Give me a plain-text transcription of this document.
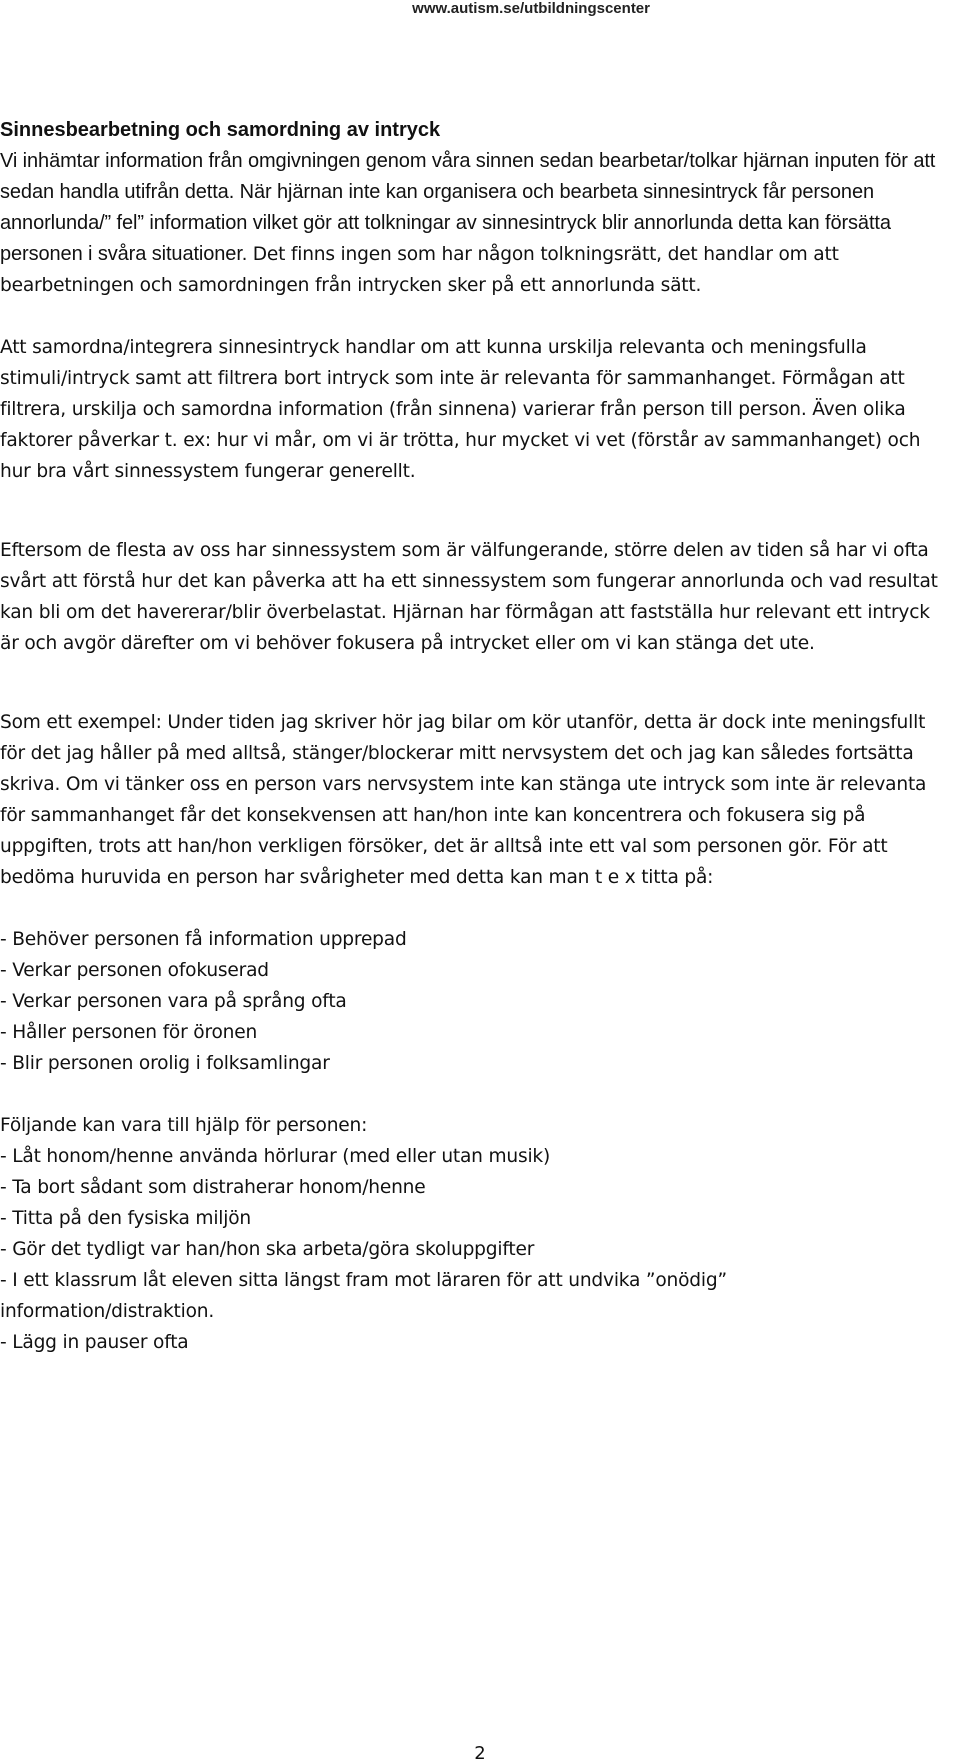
www.autism.se/utbildningscenter

Sinnesbearbetning och samordning av intryck

Vi inhämtar information från omgivningen genom våra sinnen sedan bearbetar/tolkar hjärnan inputen för att sedan handla utifrån detta. När hjärnan inte kan organisera och bearbeta sinnesintryck får personen annorlunda/” fel” information vilket gör att tolkningar av sinnesintryck blir annorlunda detta kan försätta personen i svåra situationer. Det finns ingen som har någon tolkningsrätt, det handlar om att bearbetningen och samordningen från intrycken sker på ett annorlunda sätt.

Att samordna/integrera sinnesintryck handlar om att kunna urskilja relevanta och meningsfulla stimuli/intryck samt att filtrera bort intryck som inte är relevanta för sammanhanget. Förmågan att filtrera, urskilja och samordna information (från sinnena) varierar från person till person. Även olika faktorer påverkar t. ex: hur vi mår, om vi är trötta, hur mycket vi vet (förstår av sammanhanget) och hur bra vårt sinnessystem fungerar generellt.

Eftersom de flesta av oss har sinnessystem som är välfungerande, större delen av tiden så har vi ofta svårt att förstå hur det kan påverka att ha ett sinnessystem som fungerar annorlunda och vad resultat kan bli om det havererar/blir överbelastat. Hjärnan har förmågan att fastställa hur relevant ett intryck är och avgör därefter om vi behöver fokusera på intrycket eller om vi kan stänga det ute.

Som ett exempel: Under tiden jag skriver hör jag bilar om kör utanför, detta är dock inte meningsfullt för det jag håller på med alltså, stänger/blockerar mitt nervsystem det och jag kan således fortsätta skriva. Om vi tänker oss en person vars nervsystem inte kan stänga ute intryck som inte är relevanta för sammanhanget får det konsekvensen att han/hon inte kan koncentrera och fokusera sig på uppgiften, trots att han/hon verkligen försöker, det är alltså inte ett val som personen gör. För att bedöma huruvida en person har svårigheter med detta kan man t e x titta på:

- Behöver personen få information upprepad
- Verkar personen ofokuserad
- Verkar personen vara på språng ofta
- Håller personen för öronen
- Blir personen orolig i folksamlingar

Följande kan vara till hjälp för personen:

- Låt honom/henne använda hörlurar (med eller utan musik)
- Ta bort sådant som distraherar honom/henne
- Titta på den fysiska miljön
- Gör det tydligt var han/hon ska arbeta/göra skoluppgifter
- I ett klassrum låt eleven sitta längst fram mot läraren för att undvika ”onödig” information/distraktion.
- Lägg in pauser ofta
2
